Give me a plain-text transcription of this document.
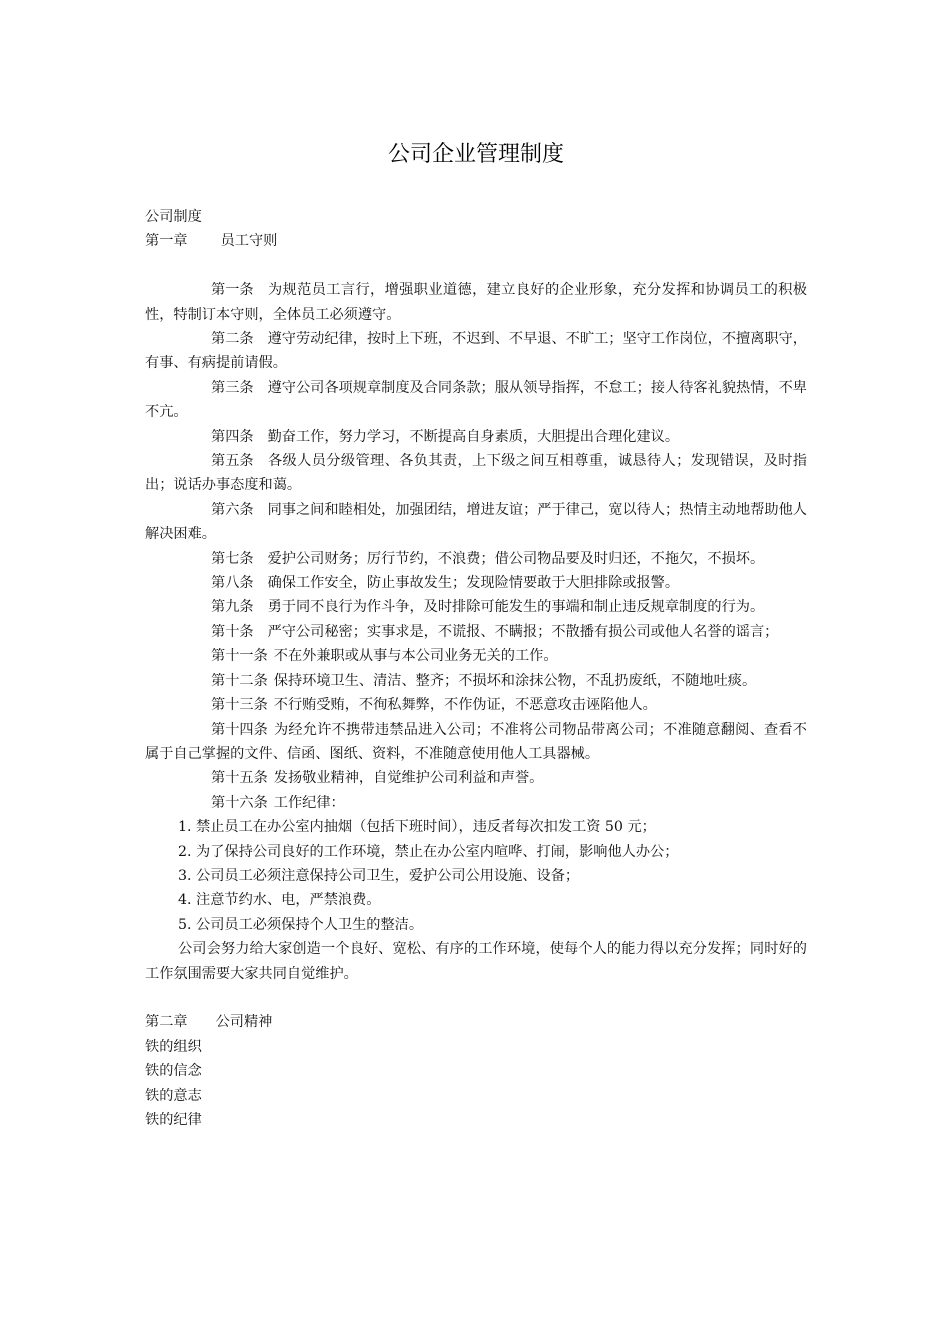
公司企业管理制度

公司制度

第一章 员工守则

第一条 为规范员工言行，增强职业道德，建立良好的企业形象，充分发挥和协调员工的积极性，特制订本守则，全体员工必须遵守。

第二条 遵守劳动纪律，按时上下班，不迟到、不早退、不旷工；坚守工作岗位，不擅离职守，有事、有病提前请假。

第三条 遵守公司各项规章制度及合同条款；服从领导指挥，不怠工；接人待客礼貌热情，不卑不亢。

第四条 勤奋工作，努力学习，不断提高自身素质，大胆提出合理化建议。

第五条 各级人员分级管理、各负其责，上下级之间互相尊重，诚恳待人；发现错误，及时指出；说话办事态度和蔼。

第六条 同事之间和睦相处，加强团结，增进友谊；严于律己，宽以待人；热情主动地帮助他人解决困难。

第七条 爱护公司财务；厉行节约，不浪费；借公司物品要及时归还，不拖欠，不损坏。

第八条 确保工作安全，防止事故发生；发现险情要敢于大胆排除或报警。

第九条 勇于同不良行为作斗争，及时排除可能发生的事端和制止违反规章制度的行为。

第十条 严守公司秘密；实事求是，不谎报、不瞒报；不散播有损公司或他人名誉的谣言；

第十一条 不在外兼职或从事与本公司业务无关的工作。

第十二条 保持环境卫生、清洁、整齐；不损坏和涂抹公物，不乱扔废纸，不随地吐痰。

第十三条 不行贿受贿，不徇私舞弊，不作伪证，不恶意攻击诬陷他人。

第十四条 为经允许不携带违禁品进入公司；不准将公司物品带离公司；不准随意翻阅、查看不属于自己掌握的文件、信函、图纸、资料，不准随意使用他人工具器械。

第十五条 发扬敬业精神，自觉维护公司利益和声誉。

第十六条 工作纪律：

1. 禁止员工在办公室内抽烟（包括下班时间），违反者每次扣发工资 50 元；

2. 为了保持公司良好的工作环境，禁止在办公室内喧哗、打闹，影响他人办公；

3. 公司员工必须注意保持公司卫生，爱护公司公用设施、设备；

4. 注意节约水、电，严禁浪费。

5. 公司员工必须保持个人卫生的整洁。

公司会努力给大家创造一个良好、宽松、有序的工作环境，使每个人的能力得以充分发挥；同时好的工作氛围需要大家共同自觉维护。

第二章 公司精神

铁的组织

铁的信念

铁的意志

铁的纪律
